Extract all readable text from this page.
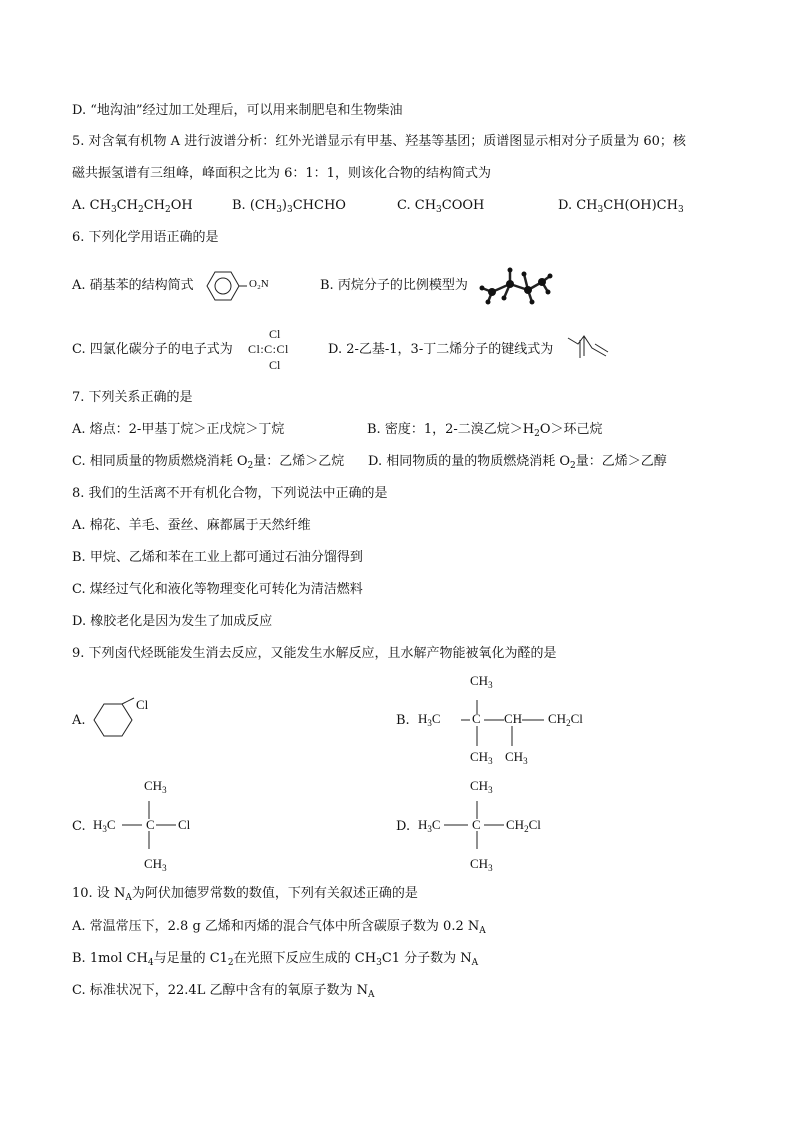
D. “地沟油”经过加工处理后，可以用来制肥皂和生物柴油
5. 对含氧有机物 A 进行波谱分析：红外光谱显示有甲基、羟基等基团；质谱图显示相对分子质量为 60；核
磁共振氢谱有三组峰，峰面积之比为 6：1：1，则该化合物的结构简式为
A. $CH_3CH_2CH_2OH$	B. $(CH_3)_3CHCHO$	C. $CH_3COOH$	D. $CH_3CH(OH)CH_3$
6. 下列化学用语正确的是
A. 硝基苯的结构简式	O₂N	B. 丙烷分子的比例模型为
C. 四氯化碳分子的电子式为
Cl
Cl:C:Cl
Cl
D. 2-乙基-1，3-丁二烯分子的键线式为
7. 下列关系正确的是
A. 熔点：2-甲基丁烷＞正戊烷＞丁烷	B. 密度：1，2-二溴乙烷$>H_2O>$环己烷
C. 相同质量的物质燃烧消耗 $O_2$量：乙烯＞乙烷 D. 相同物质的量的物质燃烧消耗 $O_2$量：乙烯＞乙醇
8. 我们的生活离不开有机化合物，下列说法中正确的是
A. 棉花、羊毛、蚕丝、麻都属于天然纤维
B. 甲烷、乙烯和苯在工业上都可通过石油分馏得到
C. 煤经过气化和液化等物理变化可转化为清洁燃料
D. 橡胶老化是因为发生了加成反应
9. 下列卤代烃既能发生消去反应，又能发生水解反应，且水解产物能被氧化为醛的是
A.
Cl
B.
$CH_3$
$H_3C$ C CH $CH_2Cl$
$CH_3$ $CH_3$
C.
$CH_3$
$H_3C$ C Cl
$CH_3$
D.
$CH_3$
$H_3C$ C $CH_2Cl$
$CH_3$
10. 设 $N_A$为阿伏加德罗常数的数值，下列有关叙述正确的是
A. 常温常压下，2.8 g 乙烯和丙烯的混合气体中所含碳原子数为 0.2 $N_A$
B. 1mol $CH_4$与足量的 $C1_2$在光照下反应生成的 $CH_3C1$ 分子数为 $N_A$
C. 标准状况下，22.4L 乙醇中含有的氧原子数为 $N_A$
